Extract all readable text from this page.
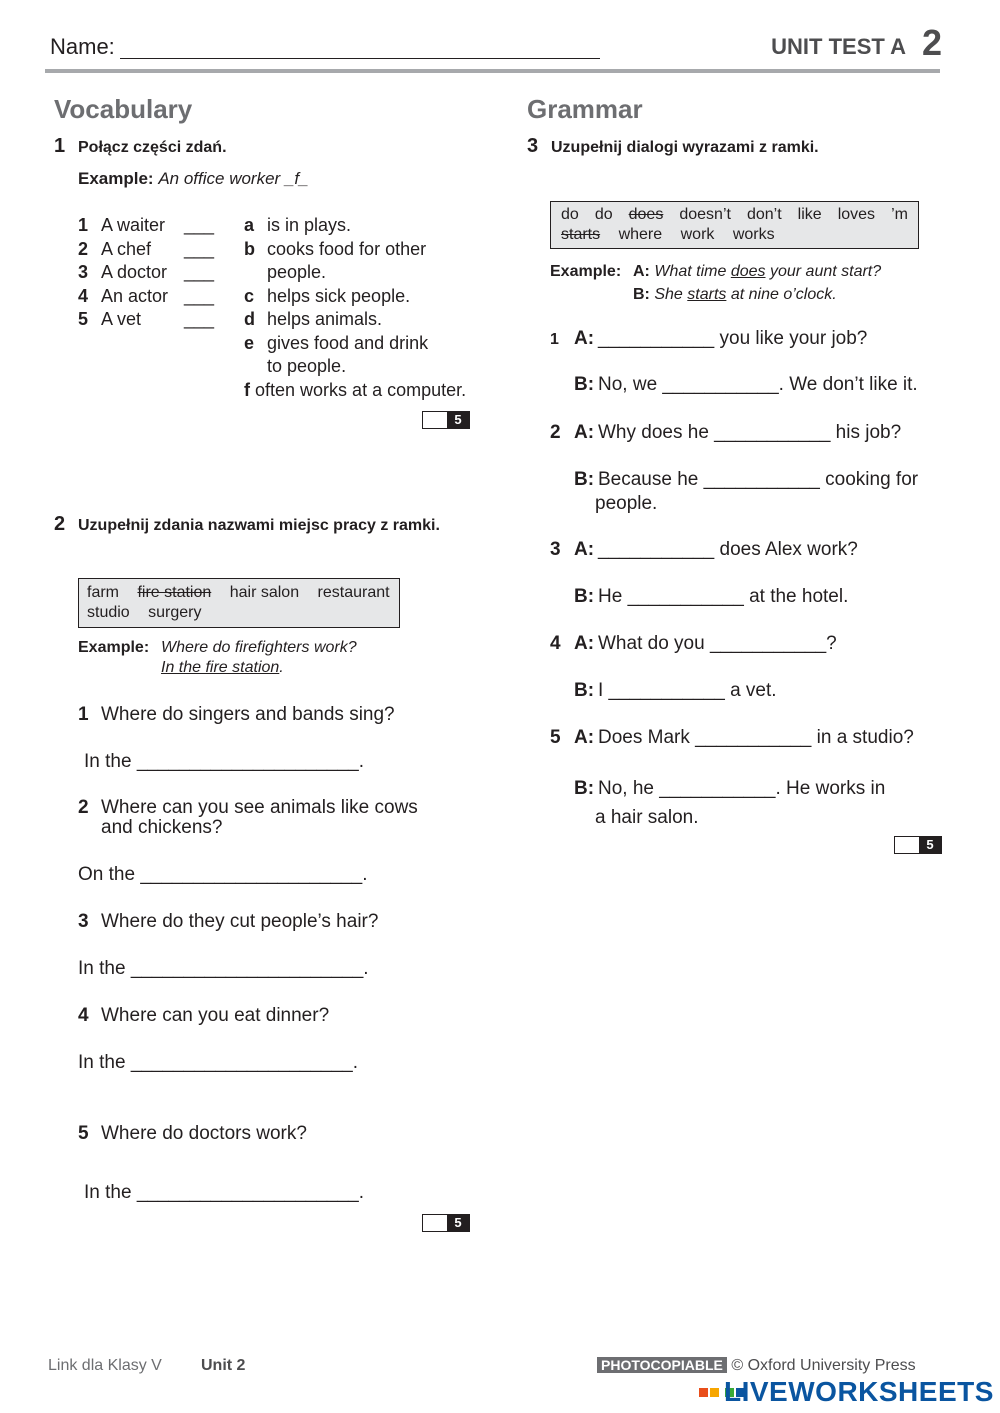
Name:	UNIT TEST A 2
Vocabulary
1 Połącz części zdań.
Example: An office worker _f_
1 A waiter ___
2 A chef ___
3 A doctor ___
4 An actor ___
5 A vet ___
a is in plays.
b cooks food for other
people.
c helps sick people.
d helps animals.
e gives food and drink
to people.
f often works at a computer.
5
2 Uzupełnij zdania nazwami miejsc pracy z ramki.
farm fire station hair salon restaurant
studio surgery
Example: Where do firefighters work?
In the fire station.
1 Where do singers and bands sing?
In the _____________________.
2 Where can you see animals like cows
and chickens?
On the _____________________.
3 Where do they cut people’s hair?
In the ______________________.
4 Where can you eat dinner?
In the _____________________.
5 Where do doctors work?
In the _____________________.
5
Grammar
3 Uzupełnij dialogi wyrazami z ramki.
do do does doesn’t don’t like loves ’m
starts where work works
Example: A: What time does your aunt start?
B: She starts at nine o’clock.
1 A: ___________ you like your job?
B: No, we ___________. We don’t like it.
2 A: Why does he ___________ his job?
B: Because he ___________ cooking for
people.
3 A: ___________ does Alex work?
B: He ___________ at the hotel.
4 A: What do you ___________?
B: I ___________ a vet.
5 A: Does Mark ___________ in a studio?
B: No, he ___________. He works in
a hair salon.
5
Link dla Klasy V Unit 2	PHOTOCOPIABLE © Oxford University Press

LIVEWORKSHEETS
